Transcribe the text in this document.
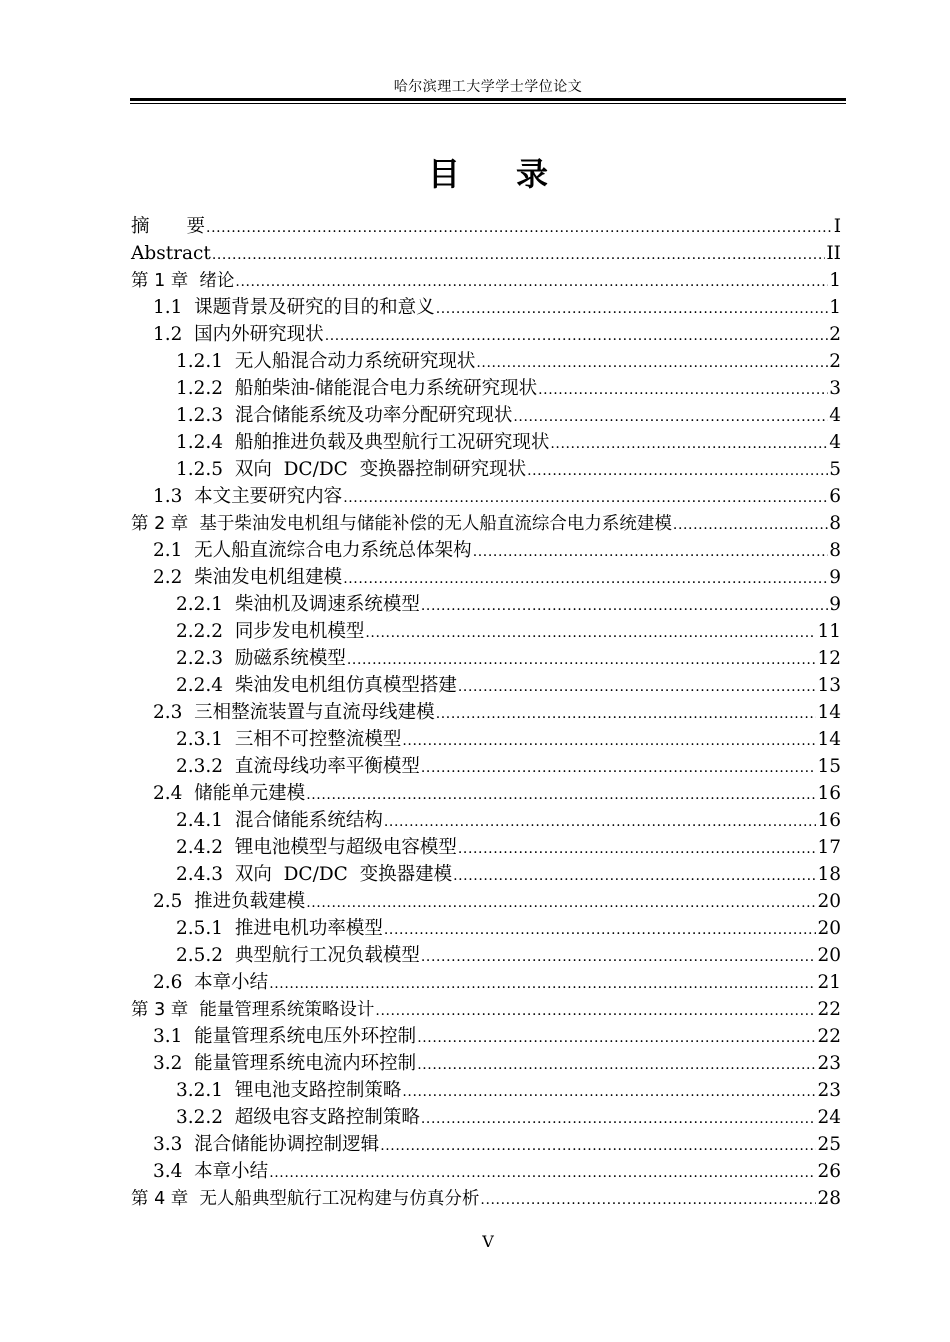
哈尔滨理工大学学士学位论文
目录
摘　　要 .....	I
Abstract .....	II
第 1 章  绪论 .....	1
1.1  课题背景及研究的目的和意义 .....	1
1.2  国内外研究现状 .....	2
1.2.1  无人船混合动力系统研究现状 .....	2
1.2.2  船舶柴油-储能混合电力系统研究现状 .....	3
1.2.3  混合储能系统及功率分配研究现状 .....	4
1.2.4  船舶推进负载及典型航行工况研究现状 .....	4
1.2.5  双向  DC/DC  变换器控制研究现状 .....	5
1.3  本文主要研究内容 .....	6
第 2 章  基于柴油发电机组与储能补偿的无人船直流综合电力系统建模 .....	8
2.1  无人船直流综合电力系统总体架构 .....	8
2.2  柴油发电机组建模 .....	9
2.2.1  柴油机及调速系统模型 .....	9
2.2.2  同步发电机模型 .....	11
2.2.3  励磁系统模型 .....	12
2.2.4  柴油发电机组仿真模型搭建 .....	13
2.3  三相整流装置与直流母线建模 .....	14
2.3.1  三相不可控整流模型 .....	14
2.3.2  直流母线功率平衡模型 .....	15
2.4  储能单元建模 .....	16
2.4.1  混合储能系统结构 .....	16
2.4.2  锂电池模型与超级电容模型 .....	17
2.4.3  双向  DC/DC  变换器建模 .....	18
2.5  推进负载建模 .....	20
2.5.1  推进电机功率模型 .....	20
2.5.2  典型航行工况负载模型 .....	20
2.6  本章小结 .....	21
第 3 章  能量管理系统策略设计 .....	22
3.1  能量管理系统电压外环控制 .....	22
3.2  能量管理系统电流内环控制 .....	23
3.2.1  锂电池支路控制策略 .....	23
3.2.2  超级电容支路控制策略 .....	24
3.3  混合储能协调控制逻辑 .....	25
3.4  本章小结 .....	26
第 4 章  无人船典型航行工况构建与仿真分析 .....	28
V
